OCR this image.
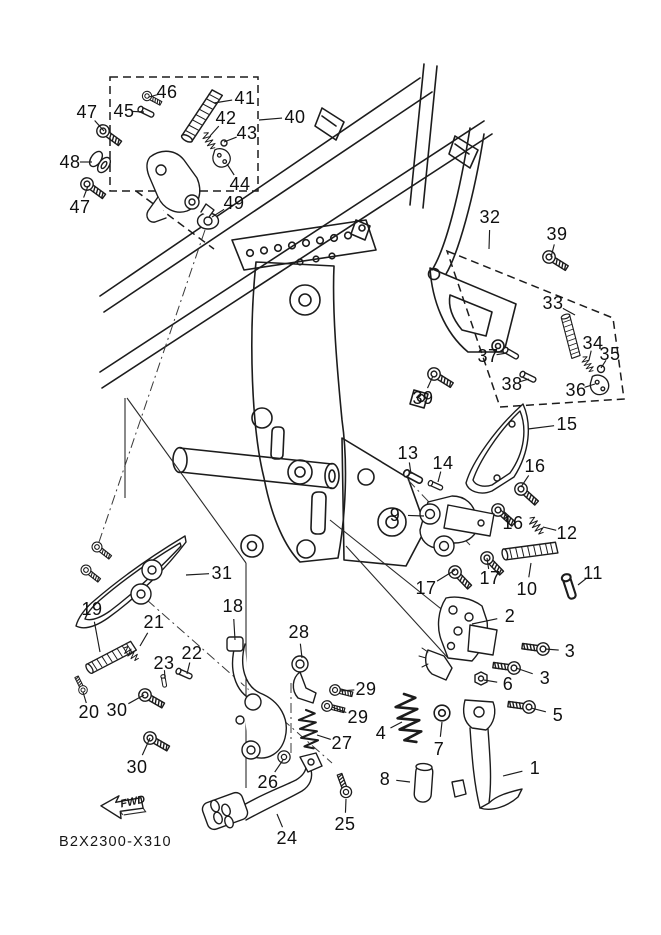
FWD
46	41
47 45	42	40
43
48
44
47	49
32
39
33
34
35
37
38 36
39
15
13 14	16
9	16 12
11
17
17	10
31
19	18
21
22
23
20 30
30
28
29
29
27
26
24
25
2
3
3
6
5
4
7
8
1
B2X2300-X310
